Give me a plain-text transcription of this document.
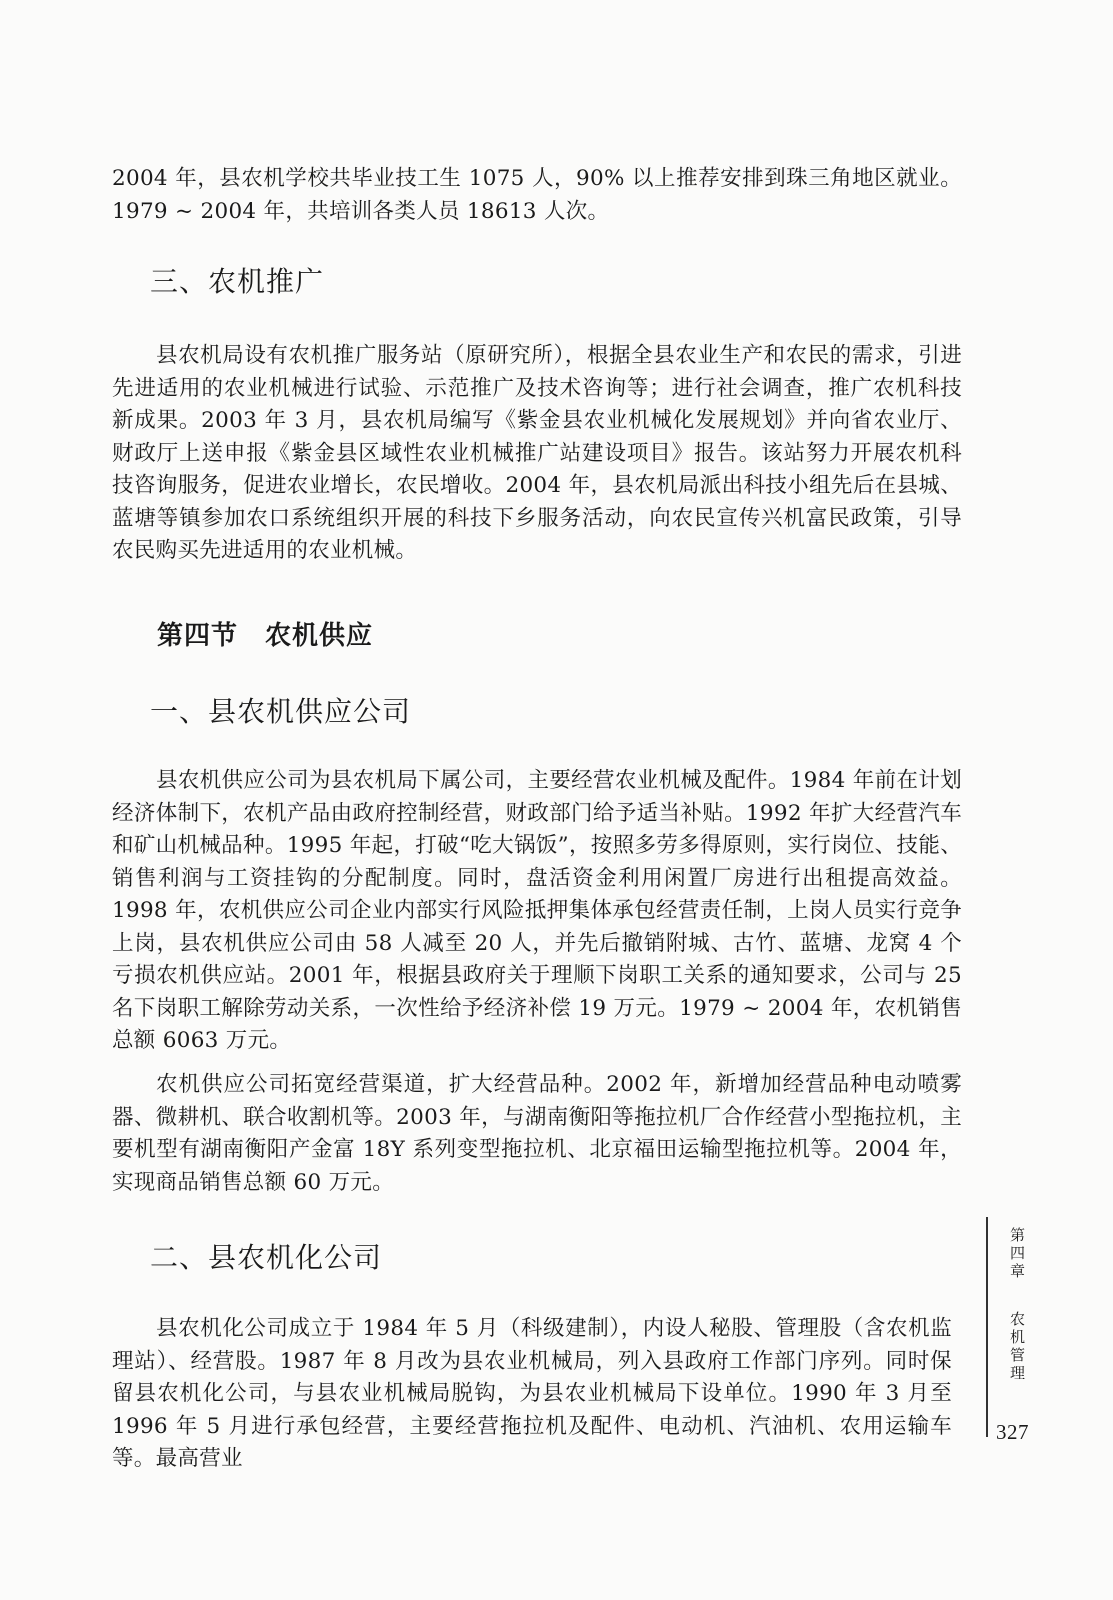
2004 年，县农机学校共毕业技工生 1075 人，90% 以上推荐安排到珠三角地区就业。1979 ~ 2004 年，共培训各类人员 18613 人次。

三、农机推广

县农机局设有农机推广服务站（原研究所），根据全县农业生产和农民的需求，引进先进适用的农业机械进行试验、示范推广及技术咨询等；进行社会调查，推广农机科技新成果。2003 年 3 月，县农机局编写《紫金县农业机械化发展规划》并向省农业厅、财政厅上送申报《紫金县区域性农业机械推广站建设项目》报告。该站努力开展农机科技咨询服务，促进农业增长，农民增收。2004 年，县农机局派出科技小组先后在县城、蓝塘等镇参加农口系统组织开展的科技下乡服务活动，向农民宣传兴机富民政策，引导农民购买先进适用的农业机械。

第四节　农机供应
一、县农机供应公司

县农机供应公司为县农机局下属公司，主要经营农业机械及配件。1984 年前在计划经济体制下，农机产品由政府控制经营，财政部门给予适当补贴。1992 年扩大经营汽车和矿山机械品种。1995 年起，打破“吃大锅饭”，按照多劳多得原则，实行岗位、技能、销售利润与工资挂钩的分配制度。同时，盘活资金利用闲置厂房进行出租提高效益。1998 年，农机供应公司企业内部实行风险抵押集体承包经营责任制，上岗人员实行竞争上岗，县农机供应公司由 58 人减至 20 人，并先后撤销附城、古竹、蓝塘、龙窝 4 个亏损农机供应站。2001 年，根据县政府关于理顺下岗职工关系的通知要求，公司与 25 名下岗职工解除劳动关系，一次性给予经济补偿 19 万元。1979 ~ 2004 年，农机销售总额 6063 万元。

农机供应公司拓宽经营渠道，扩大经营品种。2002 年，新增加经营品种电动喷雾器、微耕机、联合收割机等。2003 年，与湖南衡阳等拖拉机厂合作经营小型拖拉机，主要机型有湖南衡阳产金富 18Y 系列变型拖拉机、北京福田运输型拖拉机等。2004 年，实现商品销售总额 60 万元。

二、县农机化公司

县农机化公司成立于 1984 年 5 月（科级建制），内设人秘股、管理股（含农机监理站）、经营股。1987 年 8 月改为县农业机械局，列入县政府工作部门序列。同时保留县农机化公司，与县农业机械局脱钩，为县农业机械局下设单位。1990 年 3 月至 1996 年 5 月进行承包经营，主要经营拖拉机及配件、电动机、汽油机、农用运输车等。最高营业

第四章  农机管理
327
